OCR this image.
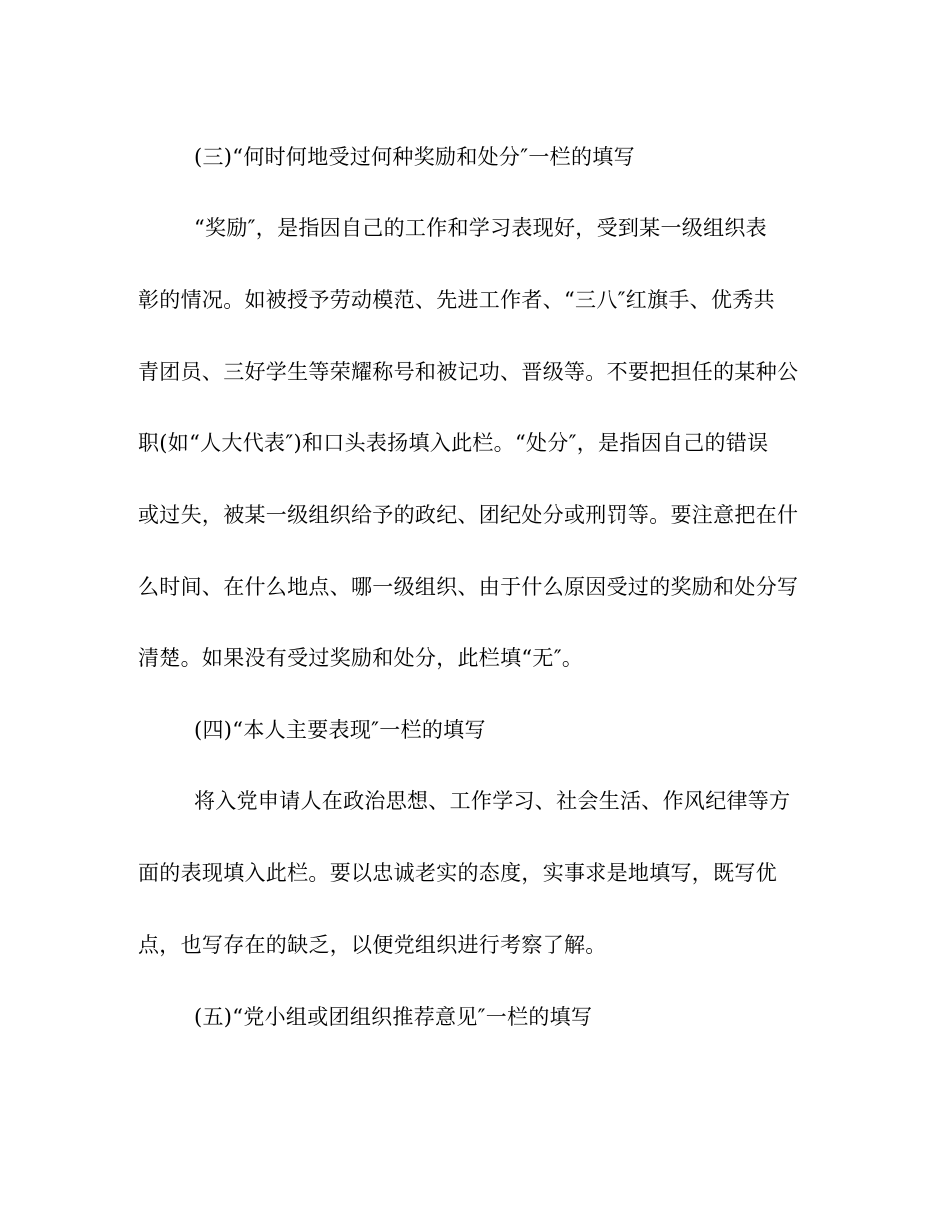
(三)“何时何地受过何种奖励和处分″一栏的填写
“奖励″，是指因自己的工作和学习表现好，受到某一级组织表
彰的情况。如被授予劳动模范、先进工作者、“三八″红旗手、优秀共
青团员、三好学生等荣耀称号和被记功、晋级等。不要把担任的某种公
职(如“人大代表″)和口头表扬填入此栏。“处分″，是指因自己的错误
或过失，被某一级组织给予的政纪、团纪处分或刑罚等。要注意把在什
么时间、在什么地点、哪一级组织、由于什么原因受过的奖励和处分写
清楚。如果没有受过奖励和处分，此栏填“无″。
(四)“本人主要表现″一栏的填写
将入党申请人在政治思想、工作学习、社会生活、作风纪律等方
面的表现填入此栏。要以忠诚老实的态度，实事求是地填写，既写优
点，也写存在的缺乏，以便党组织进行考察了解。
(五)“党小组或团组织推荐意见″一栏的填写
